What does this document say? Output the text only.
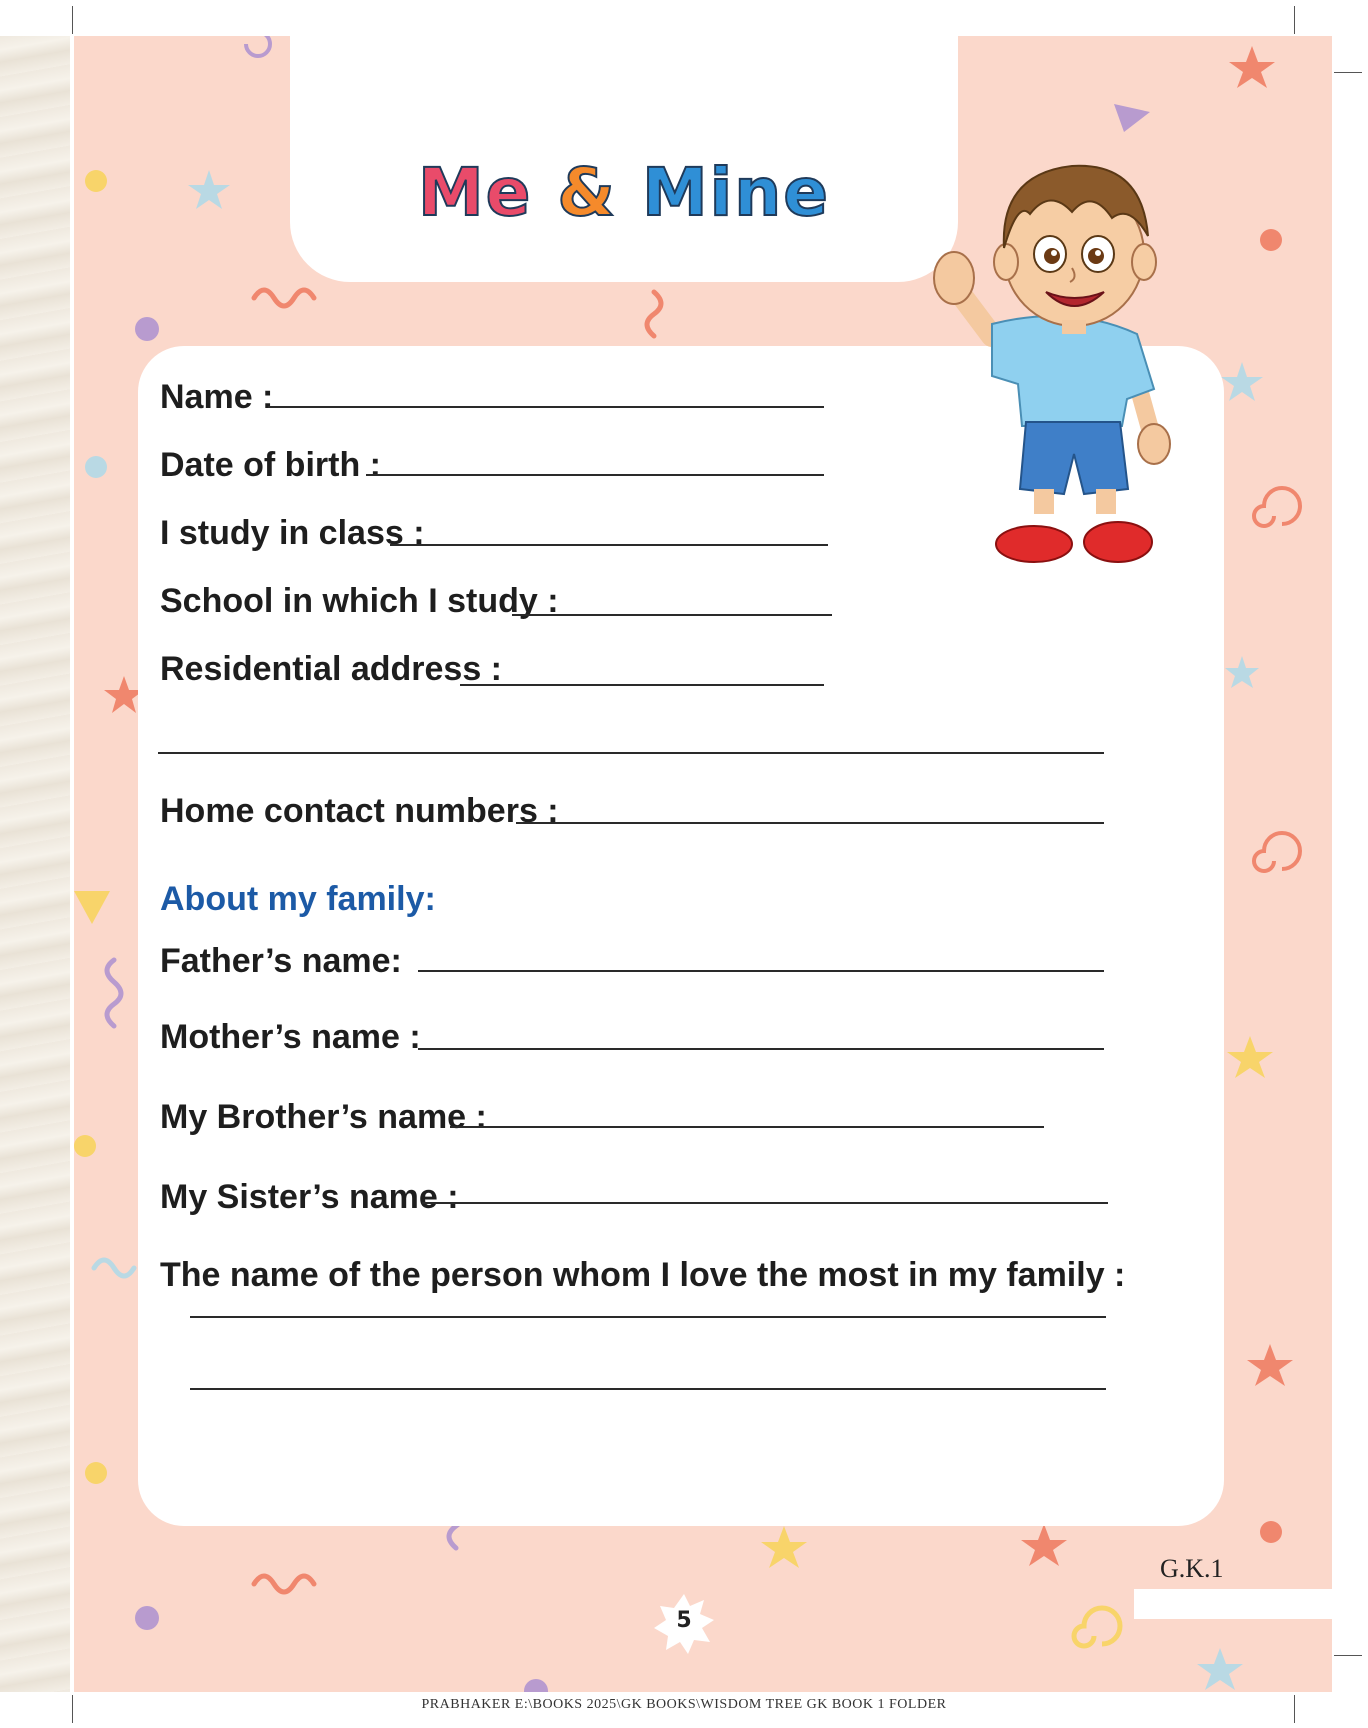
Me & Mine
Name :
Date of birth :
I study in class :
School in which I study :
Residential address :
Home contact numbers :
About my family:
Father’s name:
Mother’s name :
My Brother’s name :
My Sister’s name :
The name of the person whom I love the most in my family :
5
G.K.1
PRABHAKER E:\BOOKS 2025\GK BOOKS\WISDOM TREE GK BOOK 1 FOLDER
